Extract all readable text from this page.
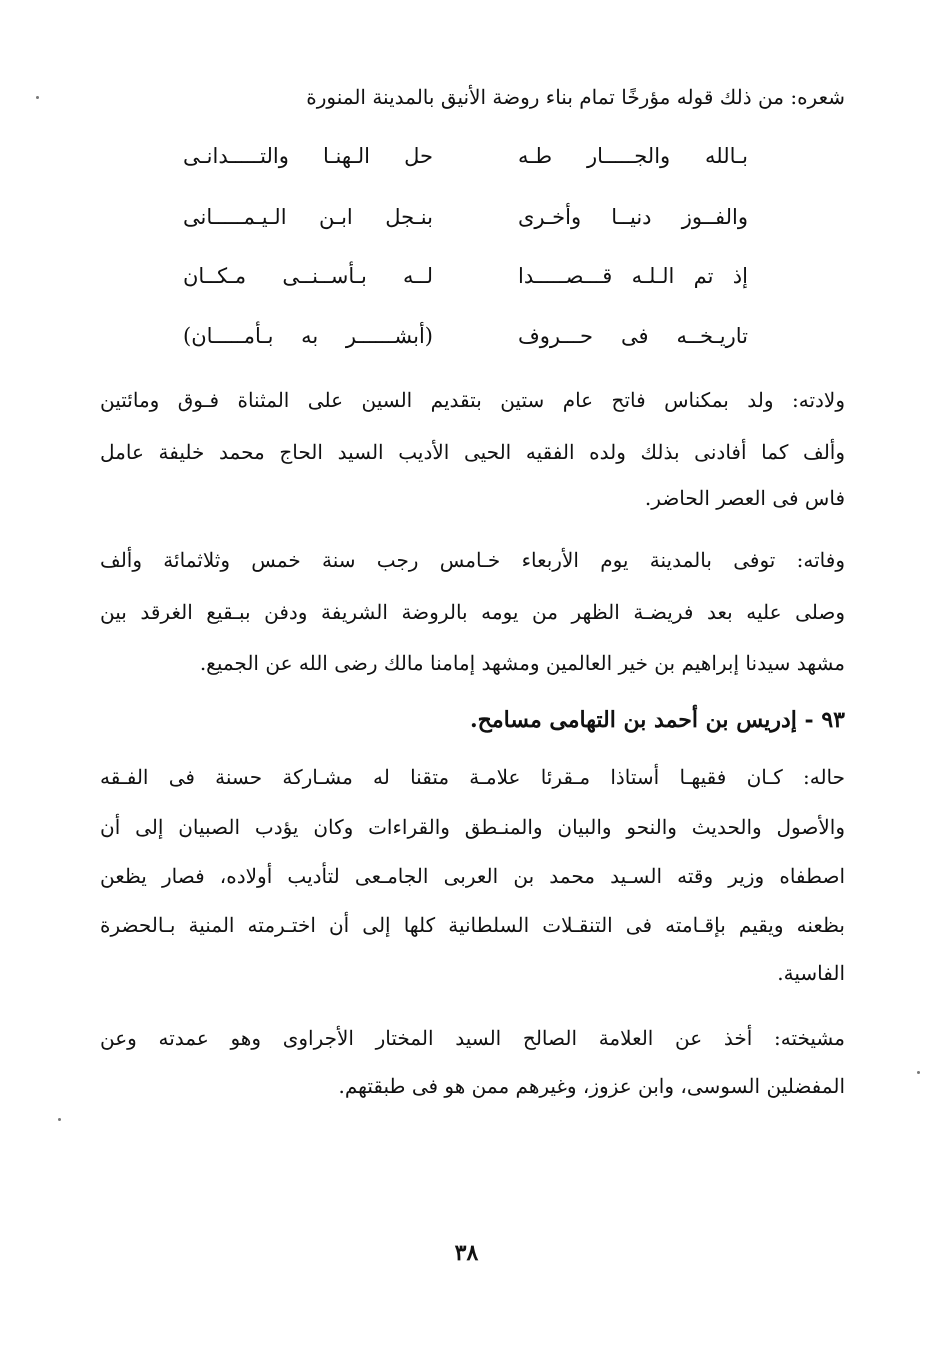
شعره: من ذلك قوله مؤرخًا تمام بناء روضة الأنيق بالمدينة المنورة
بـالله والجـــــار طـه
حل الـهنـا والتـــــدانـى
والفــوز دنيــا وأخـرى
بنـجل ابـن الـيـمـــــانى
إذ تم الـلـه قـــصـــــدا
لــه بـأســنــى مـكــان
تاريـخــه فى حـــروف
(أبشــــــر به بـأمـــــان)
ولادته: ولد بمكناس فاتح عام ستين بتقديم السين على المثناة فـوق ومائتين
وألف كما أفادنى بذلك ولده الفقيه الحيى الأديب السيد الحاج محمد خليفة عامل
فاس فى العصر الحاضر.
وفاته: توفى بالمدينة يوم الأربعاء خـامس رجب سنة خمس وثلاثمائة وألف
وصلى عليه بعد فريضـة الظهر من يومه بالروضة الشريفة ودفن ببـقيع الغرقد بين
مشهد سيدنا إبراهيم بن خير العالمين ومشهد إمامنا مالك رضى الله عن الجميع.
٩٣ - إدريس بن أحمد بن التهامى مسامح.
حاله: كـان فقيهـا أستاذا مـقرئا علامـة متقنا له مشـاركة حسنة فى الفـقه
والأصول والحديث والنحو والبيان والمنـطق والقراءات وكان يؤدب الصبيان إلى أن
اصطفاه وزير وقته السـيد محمد بن العربى الجامـعى لتأديب أولاده، فصار يظعن
بظعنه ويقيم بإقـامته فى التنقـلات السلطانية كلها إلى أن اختـرمته المنية بـالحضرة
الفاسية.
مشيخته: أخذ عن العلامة الصالح السيد المختار الأجراوى وهو عمدته وعن
المفضلين السوسى، وابن عزوز، وغيرهم ممن هو فى طبقتهم.
٣٨
